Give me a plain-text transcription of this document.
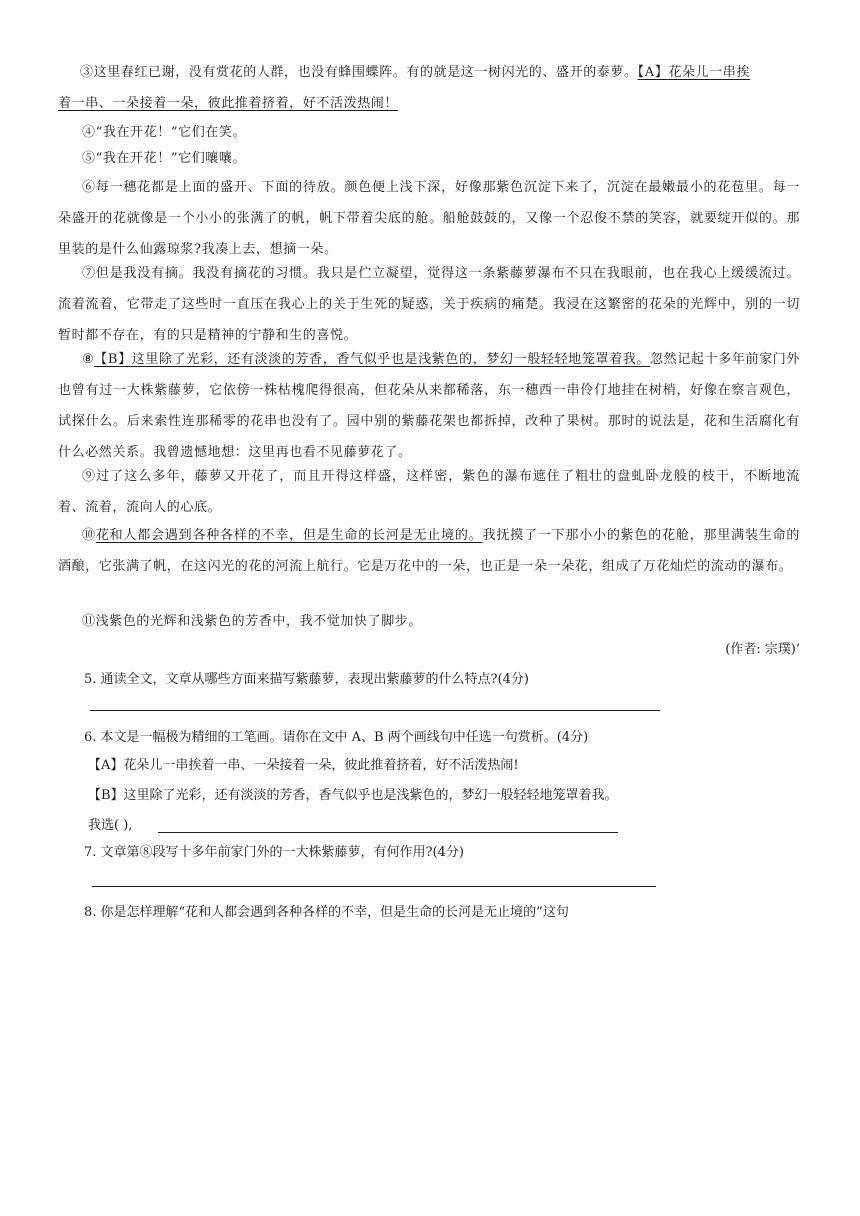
③这里春红已谢，没有赏花的人群，也没有蜂围蝶阵。有的就是这一树闪光的、盛开的泰萝。【A】花朵儿一串挨
着一串、一朵接着一朵，彼此推着挤着，好不活泼热闹！
④“我在开花！”它们在笑。
⑤“我在开花！”它们嚷嚷。
⑥每一穗花都是上面的盛开、下面的待放。颜色便上浅下深，好像那紫色沉淀下来了，沉淀在最嫩最小的花苞里。每一朵盛开的花就像是一个小小的张满了的帆，帆下带着尖底的舱。船舱鼓鼓的，又像一个忍俊不禁的笑容，就要绽开似的。那里装的是什么仙露琼浆?我凑上去，想摘一朵。
⑦但是我没有摘。我没有摘花的习惯。我只是伫立凝望，觉得这一条紫藤萝瀑布不只在我眼前，也在我心上缓缓流过。流着流着，它带走了这些时一直压在我心上的关于生死的疑惑，关于疾病的痛楚。我浸在这繁密的花朵的光辉中，别的一切暂时都不存在，有的只是精神的宁静和生的喜悦。
⑧【B】这里除了光彩，还有淡淡的芳香，香气似乎也是浅紫色的，梦幻一般轻轻地笼罩着我。忽然记起十多年前家门外也曾有过一大株紫藤萝，它依傍一株枯槐爬得很高，但花朵从来都稀落，东一穗西一串伶仃地挂在树梢，好像在察言观色，试探什么。后来索性连那稀零的花串也没有了。园中别的紫藤花架也都拆掉，改种了果树。那时的说法是，花和生活腐化有什么必然关系。我曾遗憾地想：这里再也看不见藤萝花了。
⑨过了这么多年，藤萝又开花了，而且开得这样盛，这样密，紫色的瀑布遮住了粗壮的盘虬卧龙般的枝干，不断地流着、流着，流向人的心底。
⑩花和人都会遇到各种各样的不幸，但是生命的长河是无止境的。我抚摸了一下那小小的紫色的花舱，那里满装生命的酒酿，它张满了帆，在这闪光的花的河流上航行。它是万花中的一朵，也正是一朵一朵花，组成了万花灿烂的流动的瀑布。
⑪浅紫色的光辉和浅紫色的芳香中，我不觉加快了脚步。
(作者: 宗璞)’
5. 通读全文，文章从哪些方面来描写紫藤萝，表现出紫藤萝的什么特点?(4分)
6. 本文是一幅极为精细的工笔画。请你在文中 A、B 两个画线句中任选一句赏析。(4分)
【A】花朵儿一串挨着一串、一朵接着一朵，彼此推着挤着，好不活泼热闹!
【B】这里除了光彩，还有淡淡的芳香，香气似乎也是浅紫色的，梦幻一般轻轻地笼罩着我。
我选( ),
7. 文章第⑧段写十多年前家门外的一大株紫藤萝，有何作用?(4分)
8. 你是怎样理解“花和人都会遇到各种各样的不幸，但是生命的长河是无止境的”这句
